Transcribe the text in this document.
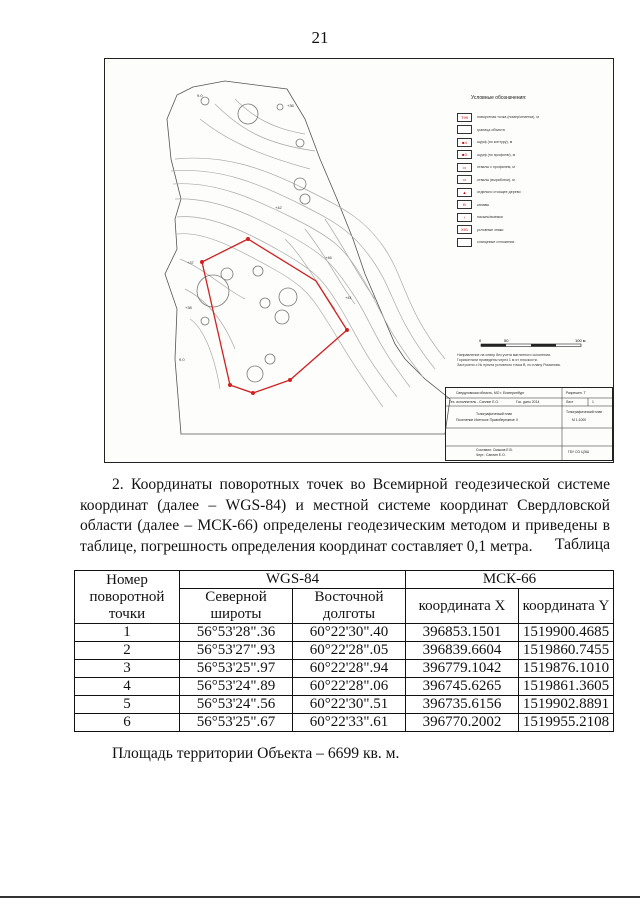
21
9.0
9.0
+36
+46
+42
+37
+38
+41
Условные обозначения:
Т99	поворотная точка (номер/отметки), м
граница объекта
■4	шурф (по контуру), м
■3	шурф (по профилю), м
▭	отвалы с профилем, м
▭	отвалы (выработки), м
▲	отдельно стоящее дерево
В	канавы
↑	насыпь/выемка
Х91	условные знаки
сланцевые отложения
0	50	100 м
Направление на север без учета магнитного склонения.
Горизонтали проведены через 1 м от плоскости.
Застроено с № пункта условного точка В, по плану Романова.
Свердловская область, МО г. Екатеринбург	Разрешен. Т
Лист	1
Тех. исполнитель - Санлин Е.О.	Гос. даты 2014
Топографический план
Поселение Исетское Правобережное II
Топографический план
М 1:1000
Составил: Смыков Е.В.
Черт.: Санлин Е.О.
ГБУ СО ЦЭШ
2. Координаты поворотных точек во Всемирной геодезической системе координат (далее – WGS-84) и местной системе координат Свердловской области (далее – МСК-66) определены геодезическим методом и приведены в таблице, погрешность определения координат составляет 0,1 метра.	Таблица
Номер поворотной точки	WGS-84		МСК-66	
	Северной широты	Восточной долготы	координата X	координата Y
1	56°53'28".36	60°22'30".40	396853.1501	1519900.4685
2	56°53'27".93	60°22'28".05	396839.6604	1519860.7455
3	56°53'25".97	60°22'28".94	396779.1042	1519876.1010
4	56°53'24".89	60°22'28".06	396745.6265	1519861.3605
5	56°53'24".56	60°22'30".51	396735.6156	1519902.8891
6	56°53'25".67	60°22'33".61	396770.2002	1519955.2108
Площадь территории Объекта – 6699 кв. м.
